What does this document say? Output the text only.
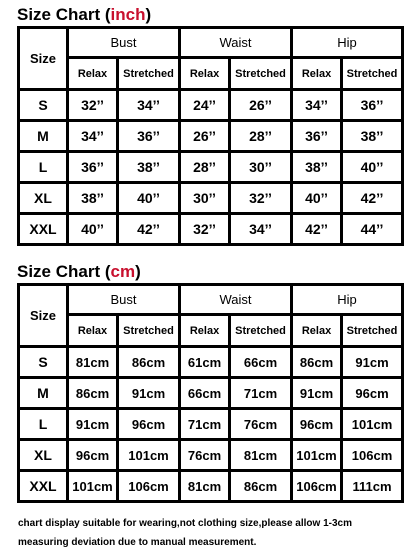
Size Chart (inch)
Size	Bust		Waist		Hip	
	Relax	Stretched	Relax	Stretched	Relax	Stretched
S	32’’	34’’	24’’	26’’	34’’	36’’
M	34’’	36’’	26’’	28’’	36’’	38’’
L	36’’	38’’	28’’	30’’	38’’	40’’
XL	38’’	40’’	30’’	32’’	40’’	42’’
XXL	40’’	42’’	32’’	34’’	42’’	44’’
Size Chart (cm)
Size	Bust		Waist		Hip	
	Relax	Stretched	Relax	Stretched	Relax	Stretched
S	81cm	86cm	61cm	66cm	86cm	91cm
M	86cm	91cm	66cm	71cm	91cm	96cm
L	91cm	96cm	71cm	76cm	96cm	101cm
XL	96cm	101cm	76cm	81cm	101cm	106cm
XXL	101cm	106cm	81cm	86cm	106cm	111cm
chart display suitable for wearing,not clothing size,please allow 1-3cm
measuring deviation due to manual measurement.
